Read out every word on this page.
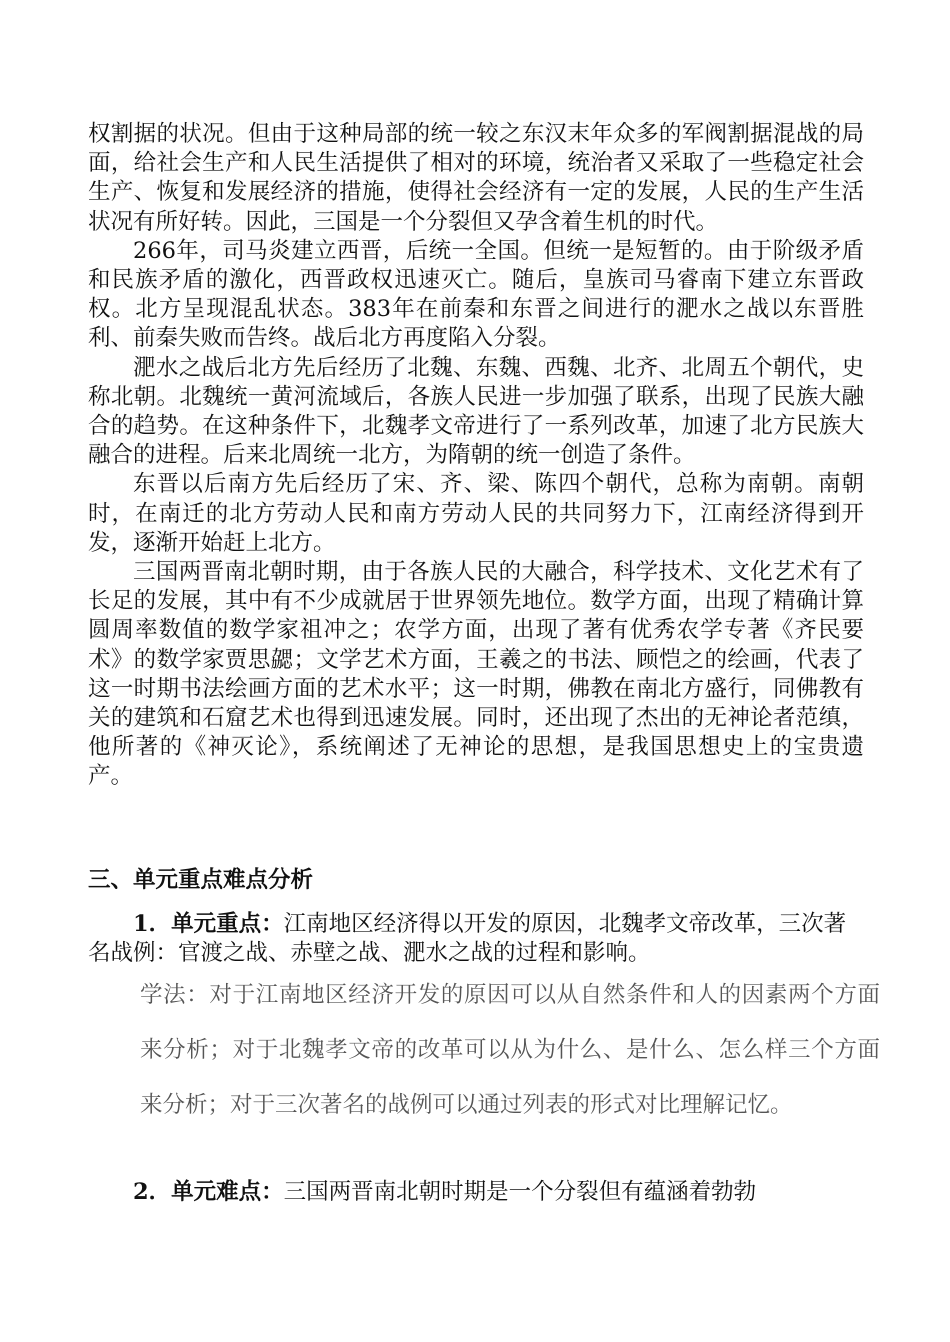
权割据的状况。但由于这种局部的统一较之东汉末年众多的军阀割据混战的局面，给社会生产和人民生活提供了相对的环境，统治者又采取了一些稳定社会生产、恢复和发展经济的措施，使得社会经济有一定的发展，人民的生产生活状况有所好转。因此，三国是一个分裂但又孕含着生机的时代。

266年，司马炎建立西晋，后统一全国。但统一是短暂的。由于阶级矛盾和民族矛盾的激化，西晋政权迅速灭亡。随后，皇族司马睿南下建立东晋政权。北方呈现混乱状态。383年在前秦和东晋之间进行的淝水之战以东晋胜利、前秦失败而告终。战后北方再度陷入分裂。

淝水之战后北方先后经历了北魏、东魏、西魏、北齐、北周五个朝代，史称北朝。北魏统一黄河流域后，各族人民进一步加强了联系，出现了民族大融合的趋势。在这种条件下，北魏孝文帝进行了一系列改革，加速了北方民族大融合的进程。后来北周统一北方，为隋朝的统一创造了条件。

东晋以后南方先后经历了宋、齐、梁、陈四个朝代，总称为南朝。南朝时，在南迁的北方劳动人民和南方劳动人民的共同努力下，江南经济得到开发，逐渐开始赶上北方。

三国两晋南北朝时期，由于各族人民的大融合，科学技术、文化艺术有了长足的发展，其中有不少成就居于世界领先地位。数学方面，出现了精确计算圆周率数值的数学家祖冲之；农学方面，出现了著有优秀农学专著《齐民要术》的数学家贾思勰；文学艺术方面，王羲之的书法、顾恺之的绘画，代表了这一时期书法绘画方面的艺术水平；这一时期，佛教在南北方盛行，同佛教有关的建筑和石窟艺术也得到迅速发展。同时，还出现了杰出的无神论者范缜，他所著的《神灭论》，系统阐述了无神论的思想，是我国思想史上的宝贵遗产。

三、单元重点难点分析

1．单元重点：江南地区经济得以开发的原因，北魏孝文帝改革，三次著名战例：官渡之战、赤壁之战、淝水之战的过程和影响。

学法：对于江南地区经济开发的原因可以从自然条件和人的因素两个方面来分析；对于北魏孝文帝的改革可以从为什么、是什么、怎么样三个方面来分析；对于三次著名的战例可以通过列表的形式对比理解记忆。

2．单元难点：三国两晋南北朝时期是一个分裂但有蕴涵着勃勃
